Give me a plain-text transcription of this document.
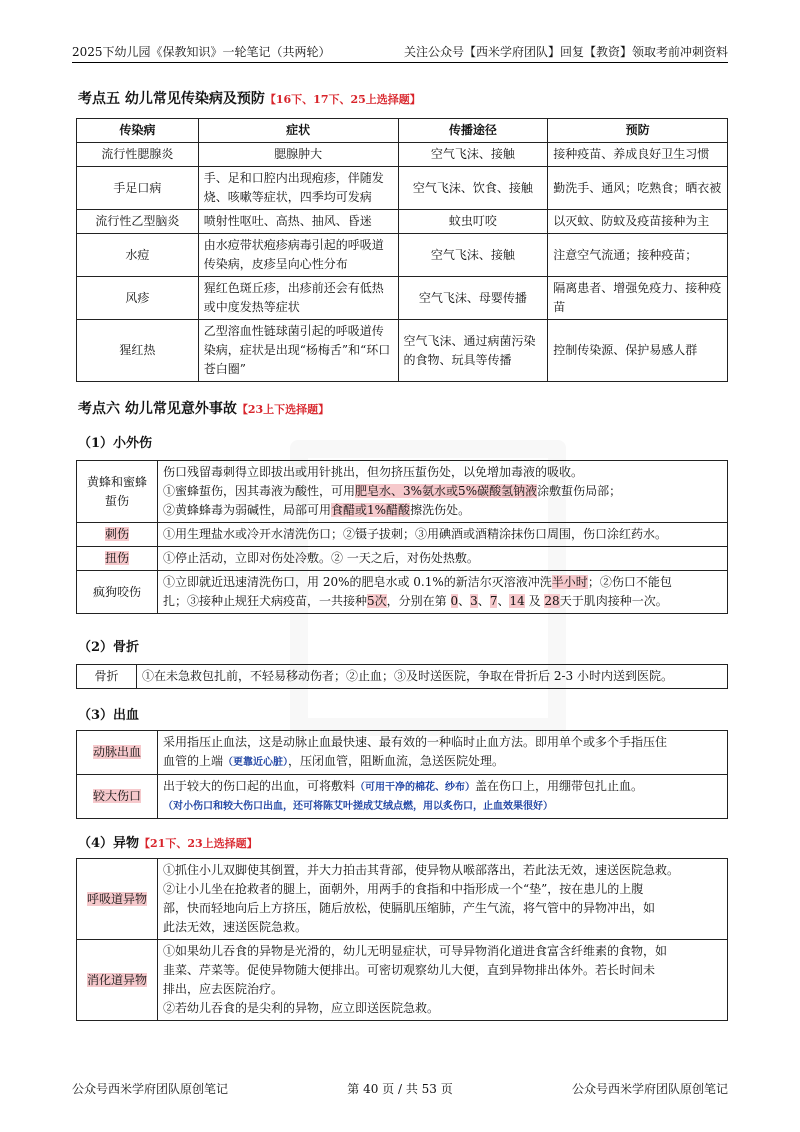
2025下幼儿园《保教知识》一轮笔记（共两轮）	关注公众号【西米学府团队】回复【教资】领取考前冲刺资料
考点五 幼儿常见传染病及预防【16下、17下、25上选择题】
传染病	症状	传播途径	预防
流行性腮腺炎	腮腺肿大	空气飞沫、接触	接种疫苗、养成良好卫生习惯
手足口病	手、足和口腔内出现疱疹，伴随发烧、咳嗽等症状，四季均可发病	空气飞沫、饮食、接触	勤洗手、通风；吃熟食；晒衣被
流行性乙型脑炎	喷射性呕吐、高热、抽风、昏迷	蚊虫叮咬	以灭蚊、防蚊及疫苗接种为主
水痘	由水痘带状疱疹病毒引起的呼吸道传染病，皮疹呈向心性分布	空气飞沫、接触	注意空气流通；接种疫苗；
风疹	猩红色斑丘疹，出疹前还会有低热或中度发热等症状	空气飞沫、母婴传播	隔离患者、增强免疫力、接种疫苗
猩红热	乙型溶血性链球菌引起的呼吸道传染病，症状是出现“杨梅舌”和“环口苍白圈”	空气飞沫、通过病菌污染的食物、玩具等传播	控制传染源、保护易感人群
考点六 幼儿常见意外事故【23上下选择题】
（1）小外伤
黄蜂和蜜蜂蜇伤	伤口残留毒刺得立即拔出或用针挑出，但勿挤压蜇伤处，以免增加毒液的吸收。
①蜜蜂蜇伤，因其毒液为酸性，可用肥皂水、3%氨水或5%碳酸氢钠液涂敷蜇伤局部；
②黄蜂蜂毒为弱碱性，局部可用食醋或1%醋酸擦洗伤处。

刺伤	①用生理盐水或冷开水清洗伤口；②镊子拔刺；③用碘酒或酒精涂抹伤口周围，伤口涂红药水。
扭伤	①停止活动，立即对伤处冷敷。② 一天之后，对伤处热敷。
疯狗咬伤	①立即就近迅速清洗伤口，用 20%的肥皂水或 0.1%的新洁尔灭溶液冲洗半小时；②伤口不能包
扎；③接种止规狂犬病疫苗，一共接种5次，分别在第 0、3、7、14 及 28天于肌肉接种一次。
（2）骨折
骨折	①在未急救包扎前，不轻易移动伤者；②止血；③及时送医院，争取在骨折后 2-3 小时内送到医院。
（3）出血
动脉出血	采用指压止血法，这是动脉止血最快速、最有效的一种临时止血方法。即用单个或多个手指压住
血管的上端（更靠近心脏），压闭血管，阻断血流，急送医院处理。

较大伤口	出于较大的伤口起的出血，可将敷料（可用干净的棉花、纱布）盖在伤口上，用绷带包扎止血。
（对小伤口和较大伤口出血，还可将陈艾叶搓成艾绒点燃，用以炙伤口，止血效果很好）
（4）异物【21下、23上选择题】
呼吸道异物	①抓住小儿双脚使其倒置，并大力拍击其背部，使异物从喉部落出，若此法无效，速送医院急救。
②让小儿坐在抢救者的腿上，面朝外，用两手的食指和中指形成一个“垫”，按在患儿的上腹
部，快而轻地向后上方挤压，随后放松，使膈肌压缩肺，产生气流，将气管中的异物冲出，如
此法无效，速送医院急救。

消化道异物	①如果幼儿吞食的异物是光滑的，幼儿无明显症状，可导异物消化道进食富含纤维素的食物，如
韭菜、芹菜等。促使异物随大便排出。可密切观察幼儿大便，直到异物排出体外。若长时间未
排出，应去医院治疗。
②若幼儿吞食的是尖利的异物，应立即送医院急救。
公众号西米学府团队原创笔记	第 40 页 / 共 53 页	公众号西米学府团队原创笔记
